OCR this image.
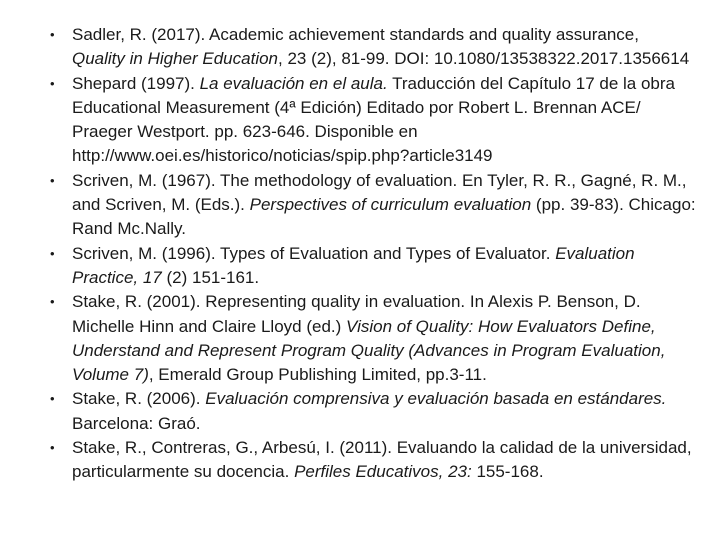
• Sadler, R. (2017). Academic achievement standards and quality assurance, Quality in Higher Education, 23 (2), 81-99. DOI: 10.1080/13538322.2017.1356614
• Shepard (1997). La evaluación en el aula. Traducción del Capítulo 17 de la obra Educational Measurement (4ª Edición) Editado por Robert L. Brennan ACE/ Praeger Westport. pp. 623-646. Disponible en http://www.oei.es/historico/noticias/spip.php?article3149
• Scriven, M. (1967). The methodology of evaluation. En Tyler, R. R., Gagné, R. M., and Scriven, M. (Eds.). Perspectives of curriculum evaluation (pp. 39-83). Chicago: Rand Mc.Nally.
• Scriven, M. (1996). Types of Evaluation and Types of Evaluator. Evaluation Practice, 17 (2) 151-161.
• Stake, R. (2001). Representing quality in evaluation. In Alexis P. Benson, D. Michelle Hinn and Claire Lloyd (ed.) Vision of Quality: How Evaluators Define, Understand and Represent Program Quality (Advances in Program Evaluation, Volume 7), Emerald Group Publishing Limited, pp.3-11.
• Stake, R. (2006). Evaluación comprensiva y evaluación basada en estándares. Barcelona: Graó.
• Stake, R., Contreras, G., Arbesú, I. (2011). Evaluando la calidad de la universidad, particularmente su docencia. Perfiles Educativos, 23: 155-168.
